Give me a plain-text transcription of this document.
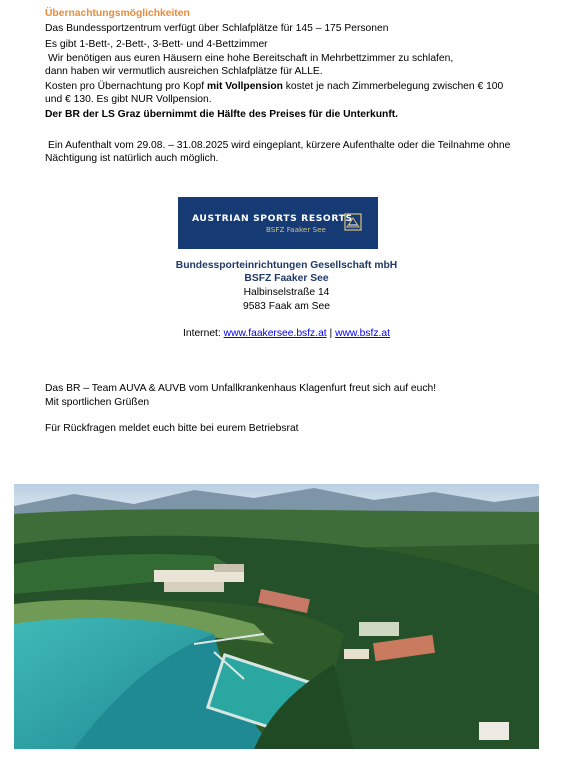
Übernachtungsmöglichkeiten
Das Bundessportzentrum verfügt über Schlafplätze für 145 – 175 Personen
Es gibt 1-Bett-, 2-Bett-, 3-Bett- und 4-Bettzimmer
Wir benötigen aus euren Häusern eine hohe Bereitschaft in Mehrbettzimmer zu schlafen,
dann haben wir vermutlich ausreichen Schlafplätze für ALLE.
Kosten pro Übernachtung pro Kopf mit Vollpension kostet je nach Zimmerbelegung zwischen € 100
und € 130. Es gibt NUR Vollpension.
Der BR der LS Graz übernimmt die Hälfte des Preises für die Unterkunft.
Ein Aufenthalt vom 29.08. – 31.08.2025 wird eingeplant, kürzere Aufenthalte oder die Teilnahme ohne
Nächtigung ist natürlich auch möglich.
AUSTRIAN SPORTS RESORTS
BSFZ Faaker See
Bundessporteinrichtungen Gesellschaft mbH
BSFZ Faaker See
Halbinselstraße 14
9583 Faak am See
Internet: www.faakersee.bsfz.at | www.bsfz.at
Das BR – Team AUVA & AUVB vom Unfallkrankenhaus Klagenfurt freut sich auf euch!
Mit sportlichen Grüßen
Für Rückfragen meldet euch bitte bei eurem Betriebsrat
